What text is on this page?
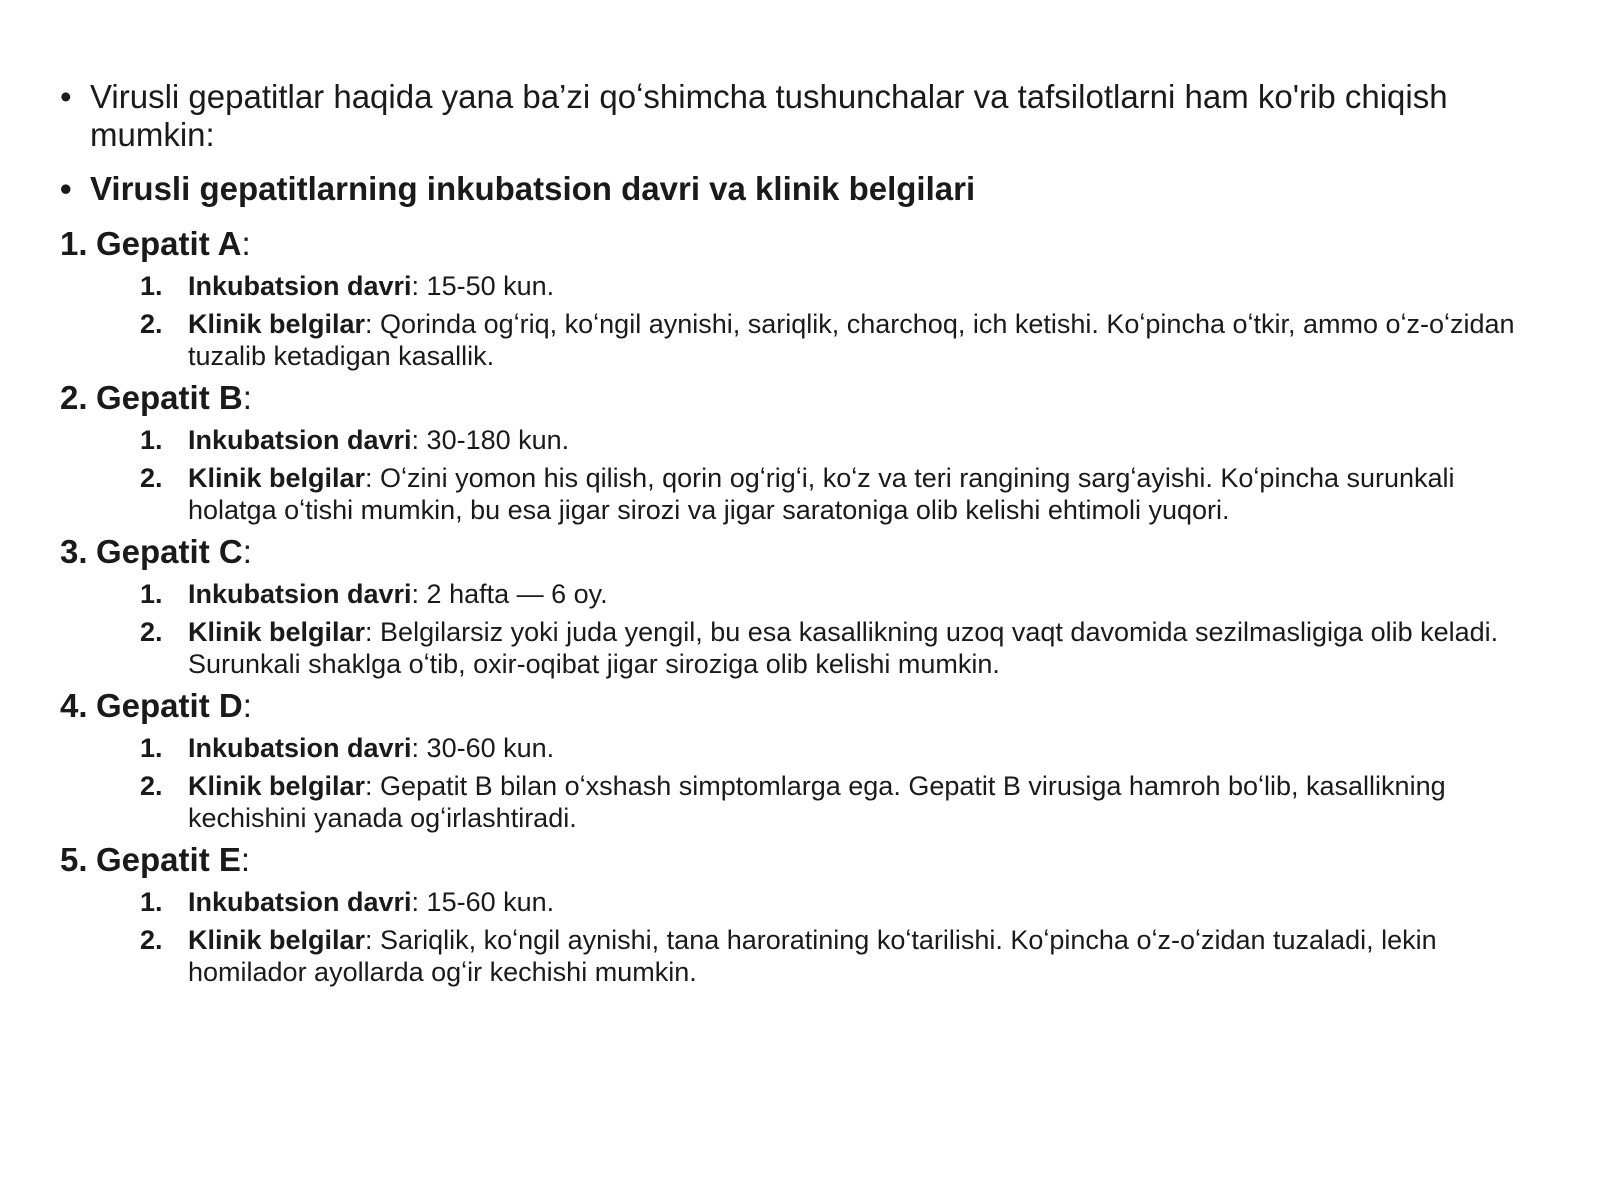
• Virusli gepatitlar haqida yana ba’zi qoʻshimcha tushunchalar va tafsilotlarni ham ko'rib chiqish mumkin:
• Virusli gepatitlarning inkubatsion davri va klinik belgilari
1. Gepatit A:
1. Inkubatsion davri: 15-50 kun.
2. Klinik belgilar: Qorinda ogʻriq, koʻngil aynishi, sariqlik, charchoq, ich ketishi. Koʻpincha oʻtkir, ammo oʻz-oʻzidan tuzalib ketadigan kasallik.
2. Gepatit B:
1. Inkubatsion davri: 30-180 kun.
2. Klinik belgilar: Oʻzini yomon his qilish, qorin ogʻrigʻi, koʻz va teri rangining sargʻayishi. Koʻpincha surunkali holatga oʻtishi mumkin, bu esa jigar sirozi va jigar saratoniga olib kelishi ehtimoli yuqori.
3. Gepatit C:
1. Inkubatsion davri: 2 hafta — 6 oy.
2. Klinik belgilar: Belgilarsiz yoki juda yengil, bu esa kasallikning uzoq vaqt davomida sezilmasligiga olib keladi. Surunkali shaklga oʻtib, oxir-oqibat jigar siroziga olib kelishi mumkin.
4. Gepatit D:
1. Inkubatsion davri: 30-60 kun.
2. Klinik belgilar: Gepatit B bilan oʻxshash simptomlarga ega. Gepatit B virusiga hamroh boʻlib, kasallikning kechishini yanada ogʻirlashtiradi.
5. Gepatit E:
1. Inkubatsion davri: 15-60 kun.
2. Klinik belgilar: Sariqlik, koʻngil aynishi, tana haroratining koʻtarilishi. Koʻpincha oʻz-oʻzidan tuzaladi, lekin homilador ayollarda ogʻir kechishi mumkin.
